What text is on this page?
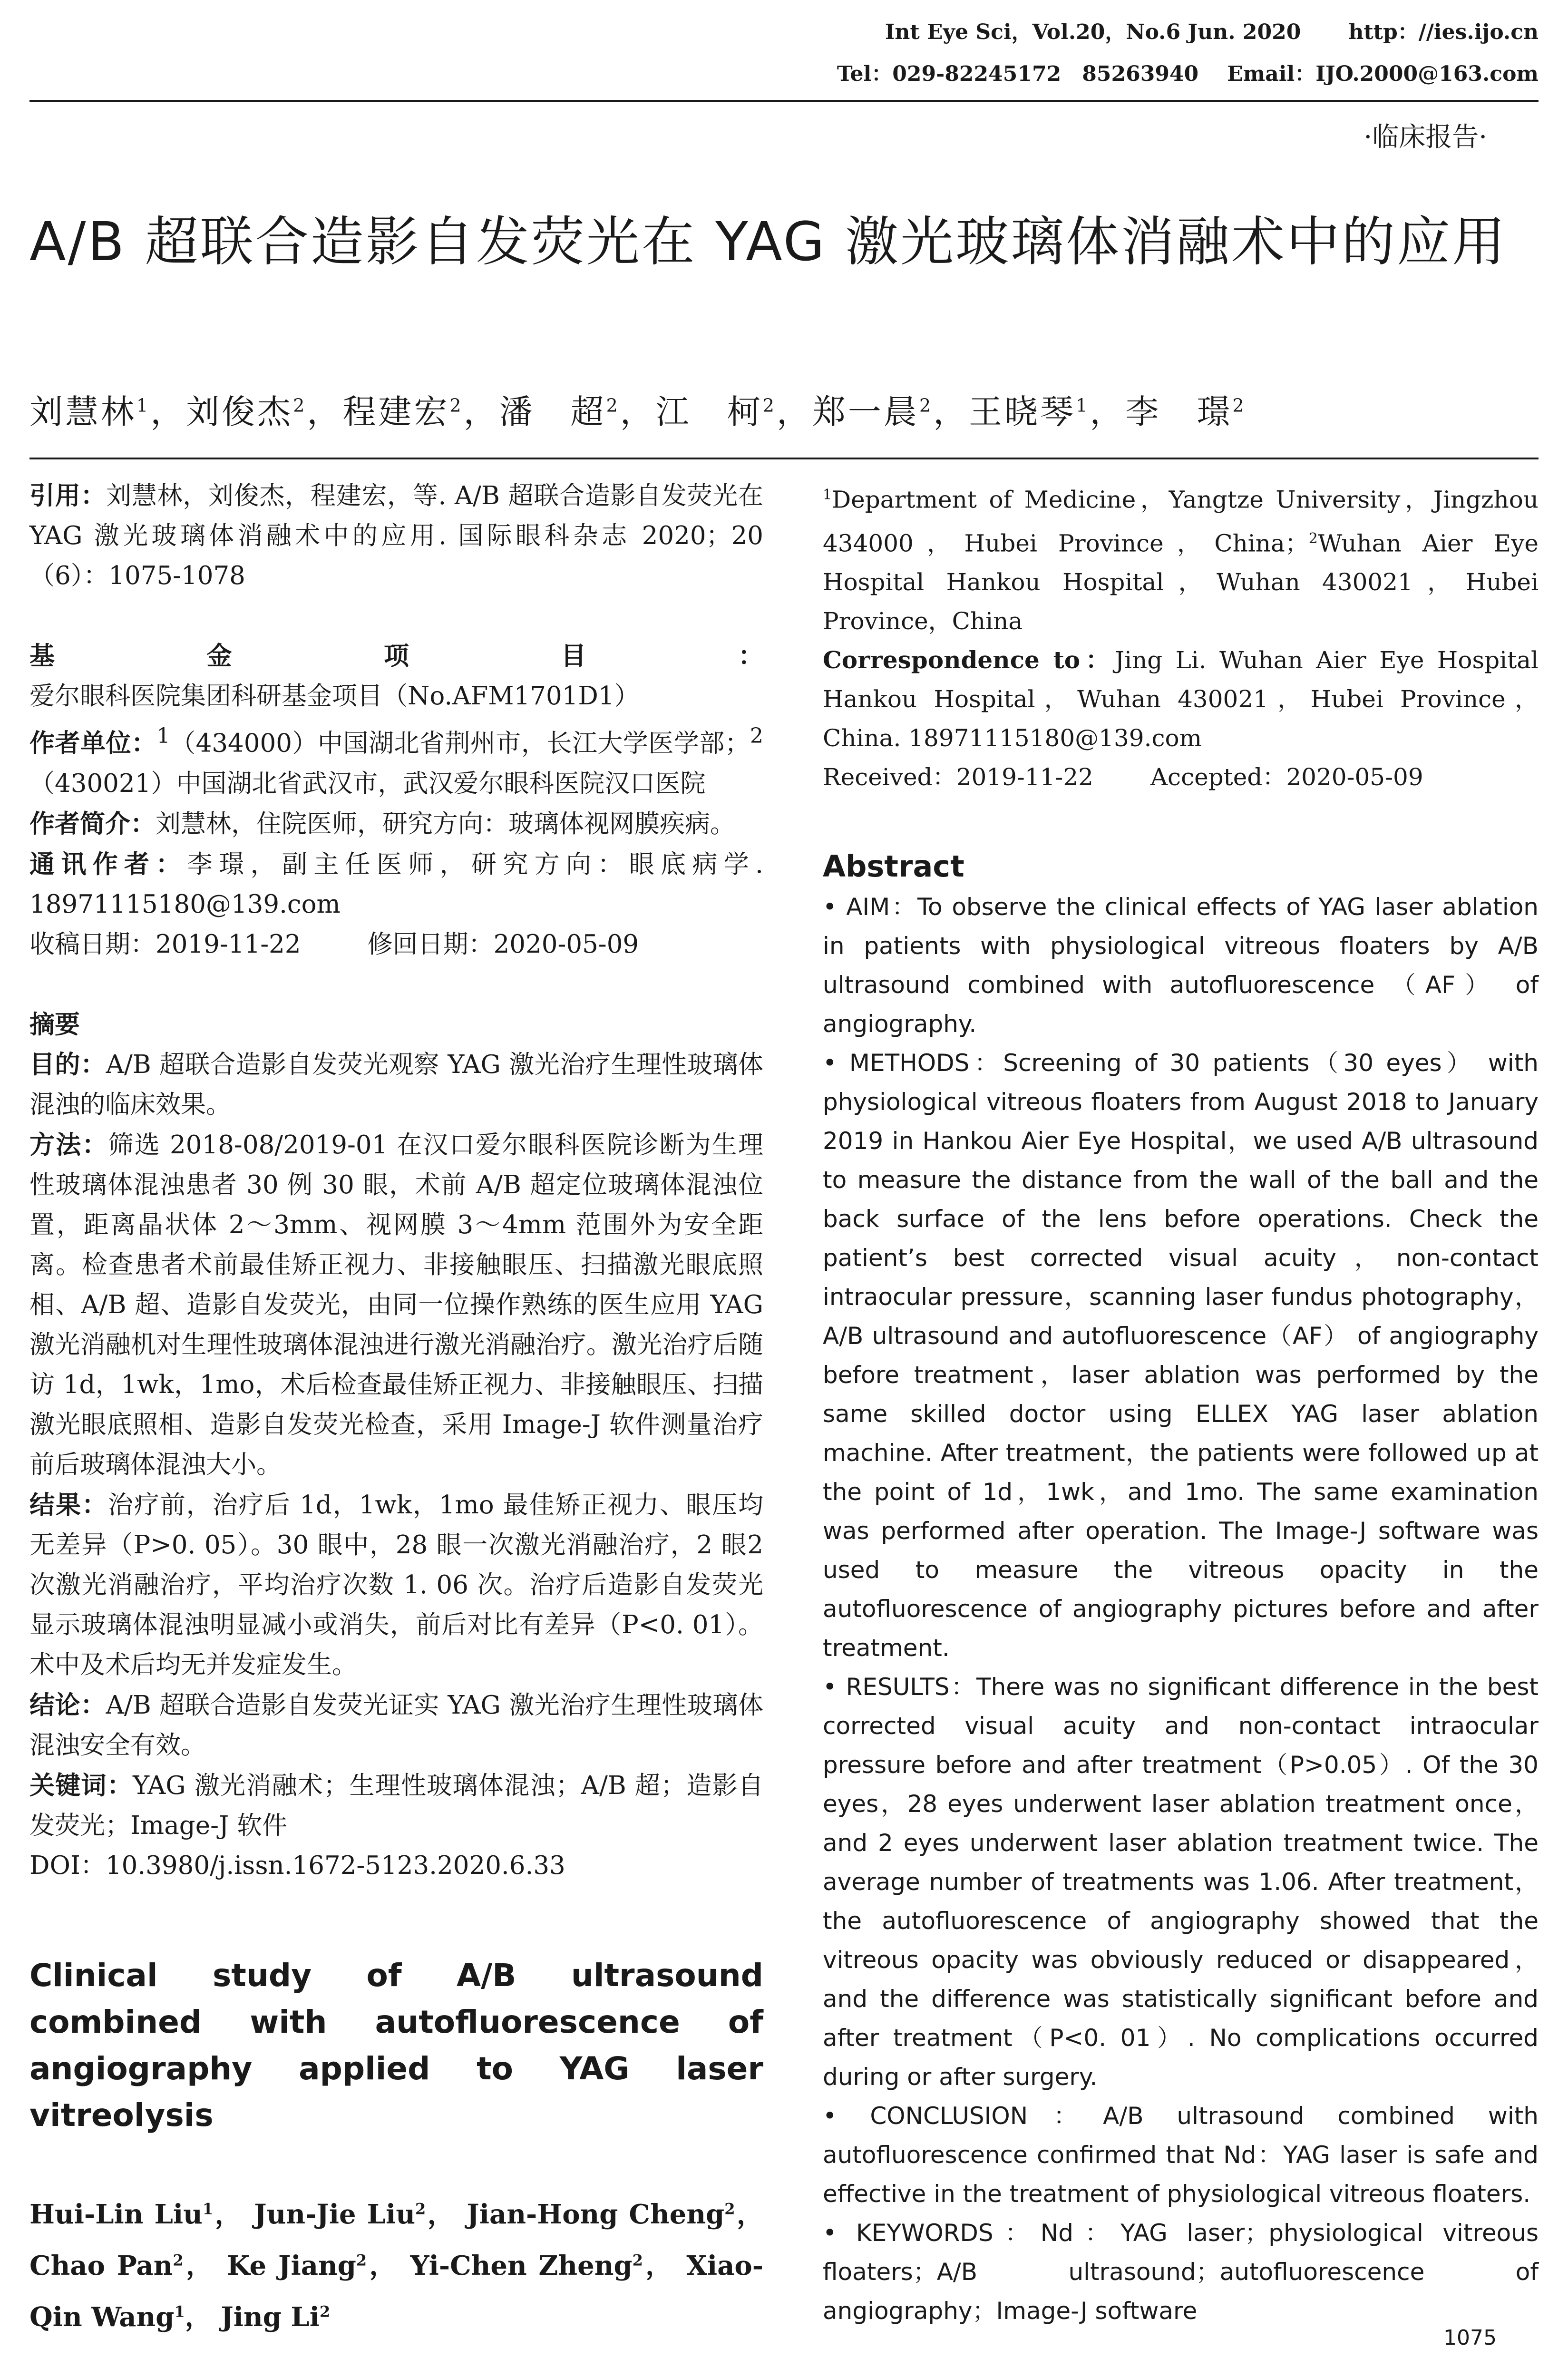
Int Eye Sci，Vol.20，No.6 Jun. 2020 http：//ies.ijo.cn
Tel：029-82245172　85263940 Email：IJO.2000@163.com
·临床报告·
A/B 超联合造影自发荧光在 YAG 激光玻璃体消融术中的应用
刘慧林$^1$，刘俊杰$^2$，程建宏$^2$，潘　超$^2$，江　柯$^2$，郑一晨$^2$，王晓琴$^1$，李　璟$^2$

引用：刘慧林，刘俊杰，程建宏，等. A/B 超联合造影自发荧光在 YAG 激光玻璃体消融术中的应用. 国际眼科杂志 2020；20（6）：1075-1078

基金项目：爱尔眼科医院集团科研基金项目（No.AFM1701D1）

作者单位：$^1$（434000）中国湖北省荆州市，长江大学医学部；$^2$（430021）中国湖北省武汉市，武汉爱尔眼科医院汉口医院

作者简介：刘慧林，住院医师，研究方向：玻璃体视网膜疾病。

通讯作者：李璟，副主任医师，研究方向：眼底病学. 18971115180@139.com

收稿日期：2019-11-22	修回日期：2020-05-09

摘要

目的：A/B 超联合造影自发荧光观察 YAG 激光治疗生理性玻璃体混浊的临床效果。

方法：筛选 2018-08/2019-01 在汉口爱尔眼科医院诊断为生理性玻璃体混浊患者 30 例 30 眼，术前 A/B 超定位玻璃体混浊位置，距离晶状体 2～3mm、视网膜 3～4mm 范围外为安全距离。检查患者术前最佳矫正视力、非接触眼压、扫描激光眼底照相、A/B 超、造影自发荧光，由同一位操作熟练的医生应用 YAG 激光消融机对生理性玻璃体混浊进行激光消融治疗。激光治疗后随访 1d，1wk，1mo，术后检查最佳矫正视力、非接触眼压、扫描激光眼底照相、造影自发荧光检查，采用 Image-J 软件测量治疗前后玻璃体混浊大小。

结果：治疗前，治疗后 1d，1wk，1mo 最佳矫正视力、眼压均无差异（P>0. 05）。30 眼中，28 眼一次激光消融治疗，2 眼2 次激光消融治疗，平均治疗次数 1. 06 次。治疗后造影自发荧光显示玻璃体混浊明显减小或消失，前后对比有差异（P<0. 01）。术中及术后均无并发症发生。

结论：A/B 超联合造影自发荧光证实 YAG 激光治疗生理性玻璃体混浊安全有效。

关键词：YAG 激光消融术；生理性玻璃体混浊；A/B 超；造影自发荧光；Image-J 软件

DOI：10.3980/j.issn.1672-5123.2020.6.33

Clinical study of A/B ultrasound combined with autofluorescence of angiography applied to YAG laser vitreolysis
Hui-Lin Liu$^1$， Jun-Jie Liu$^2$， Jian-Hong Cheng$^2$， Chao Pan$^2$， Ke Jiang$^2$， Yi-Chen Zheng$^2$， Xiao-Qin Wang$^1$， Jing Li$^2$
$^1$Department of Medicine，Yangtze University，Jingzhou 434000，Hubei Province，China；$^2$Wuhan Aier Eye Hospital Hankou Hospital，Wuhan 430021，Hubei Province，China
Correspondence to：Jing Li. Wuhan Aier Eye Hospital Hankou Hospital，Wuhan 430021，Hubei Province，China. 18971115180@139.com
Received：2019-11-22 Accepted：2020-05-09
Abstract

• AIM：To observe the clinical effects of YAG laser ablation in patients with physiological vitreous floaters by A/B ultrasound combined with autofluorescence （AF） of angiography.

• METHODS：Screening of 30 patients（30 eyes） with physiological vitreous floaters from August 2018 to January 2019 in Hankou Aier Eye Hospital，we used A/B ultrasound to measure the distance from the wall of the ball and the back surface of the lens before operations. Check the patient’s best corrected visual acuity，non-contact intraocular pressure，scanning laser fundus photography，A/B ultrasound and autofluorescence（AF） of angiography before treatment，laser ablation was performed by the same skilled doctor using ELLEX YAG laser ablation machine. After treatment，the patients were followed up at the point of 1d，1wk，and 1mo. The same examination was performed after operation. The Image-J software was used to measure the vitreous opacity in the autofluorescence of angiography pictures before and after treatment.

• RESULTS：There was no significant difference in the best corrected visual acuity and non-contact intraocular pressure before and after treatment（P>0.05）. Of the 30 eyes，28 eyes underwent laser ablation treatment once，and 2 eyes underwent laser ablation treatment twice. The average number of treatments was 1.06. After treatment，the autofluorescence of angiography showed that the vitreous opacity was obviously reduced or disappeared，and the difference was statistically significant before and after treatment（P<0. 01）. No complications occurred during or after surgery.

• CONCLUSION：A/B ultrasound combined with autofluorescence confirmed that Nd：YAG laser is safe and effective in the treatment of physiological vitreous floaters.

• KEYWORDS：Nd：YAG laser；physiological vitreous floaters；A/B ultrasound；autofluorescence of angiography；Image-J software

1075
